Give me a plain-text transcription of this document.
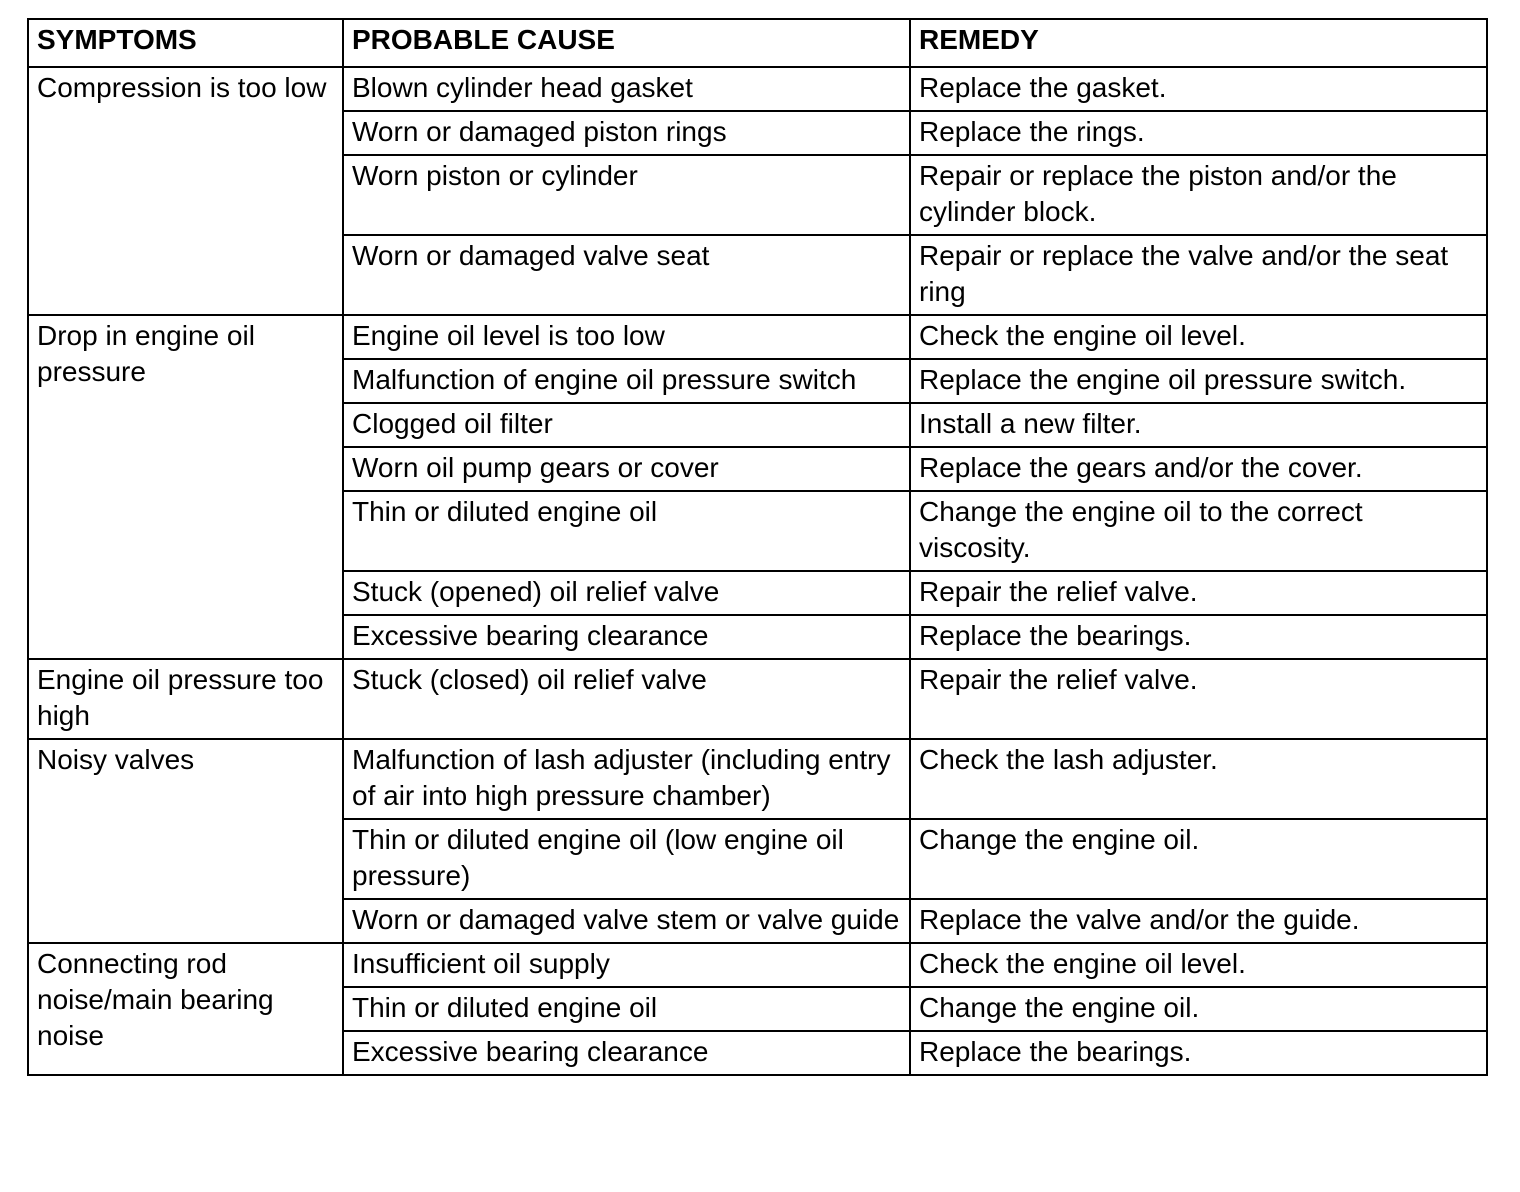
SYMPTOMS	PROBABLE CAUSE	REMEDY
Compression is too low	Blown cylinder head gasket	Replace the gasket.
	Worn or damaged piston rings	Replace the rings.
	Worn piston or cylinder	Repair or replace the piston and/or the cylinder block.
	Worn or damaged valve seat	Repair or replace the valve and/or the seat ring
Drop in engine oil pressure	Engine oil level is too low	Check the engine oil level.
	Malfunction of engine oil pressure switch	Replace the engine oil pressure switch.
	Clogged oil filter	Install a new filter.
	Worn oil pump gears or cover	Replace the gears and/or the cover.
	Thin or diluted engine oil	Change the engine oil to the correct viscosity.
	Stuck (opened) oil relief valve	Repair the relief valve.
	Excessive bearing clearance	Replace the bearings.
Engine oil pressure too high	Stuck (closed) oil relief valve	Repair the relief valve.
Noisy valves	Malfunction of lash adjuster (including entry of air into high pressure chamber)	Check the lash adjuster.
	Thin or diluted engine oil (low engine oil pressure)	Change the engine oil.
	Worn or damaged valve stem or valve guide	Replace the valve and/or the guide.
Connecting rod noise/main bearing noise	Insufficient oil supply	Check the engine oil level.
	Thin or diluted engine oil	Change the engine oil.
	Excessive bearing clearance	Replace the bearings.
